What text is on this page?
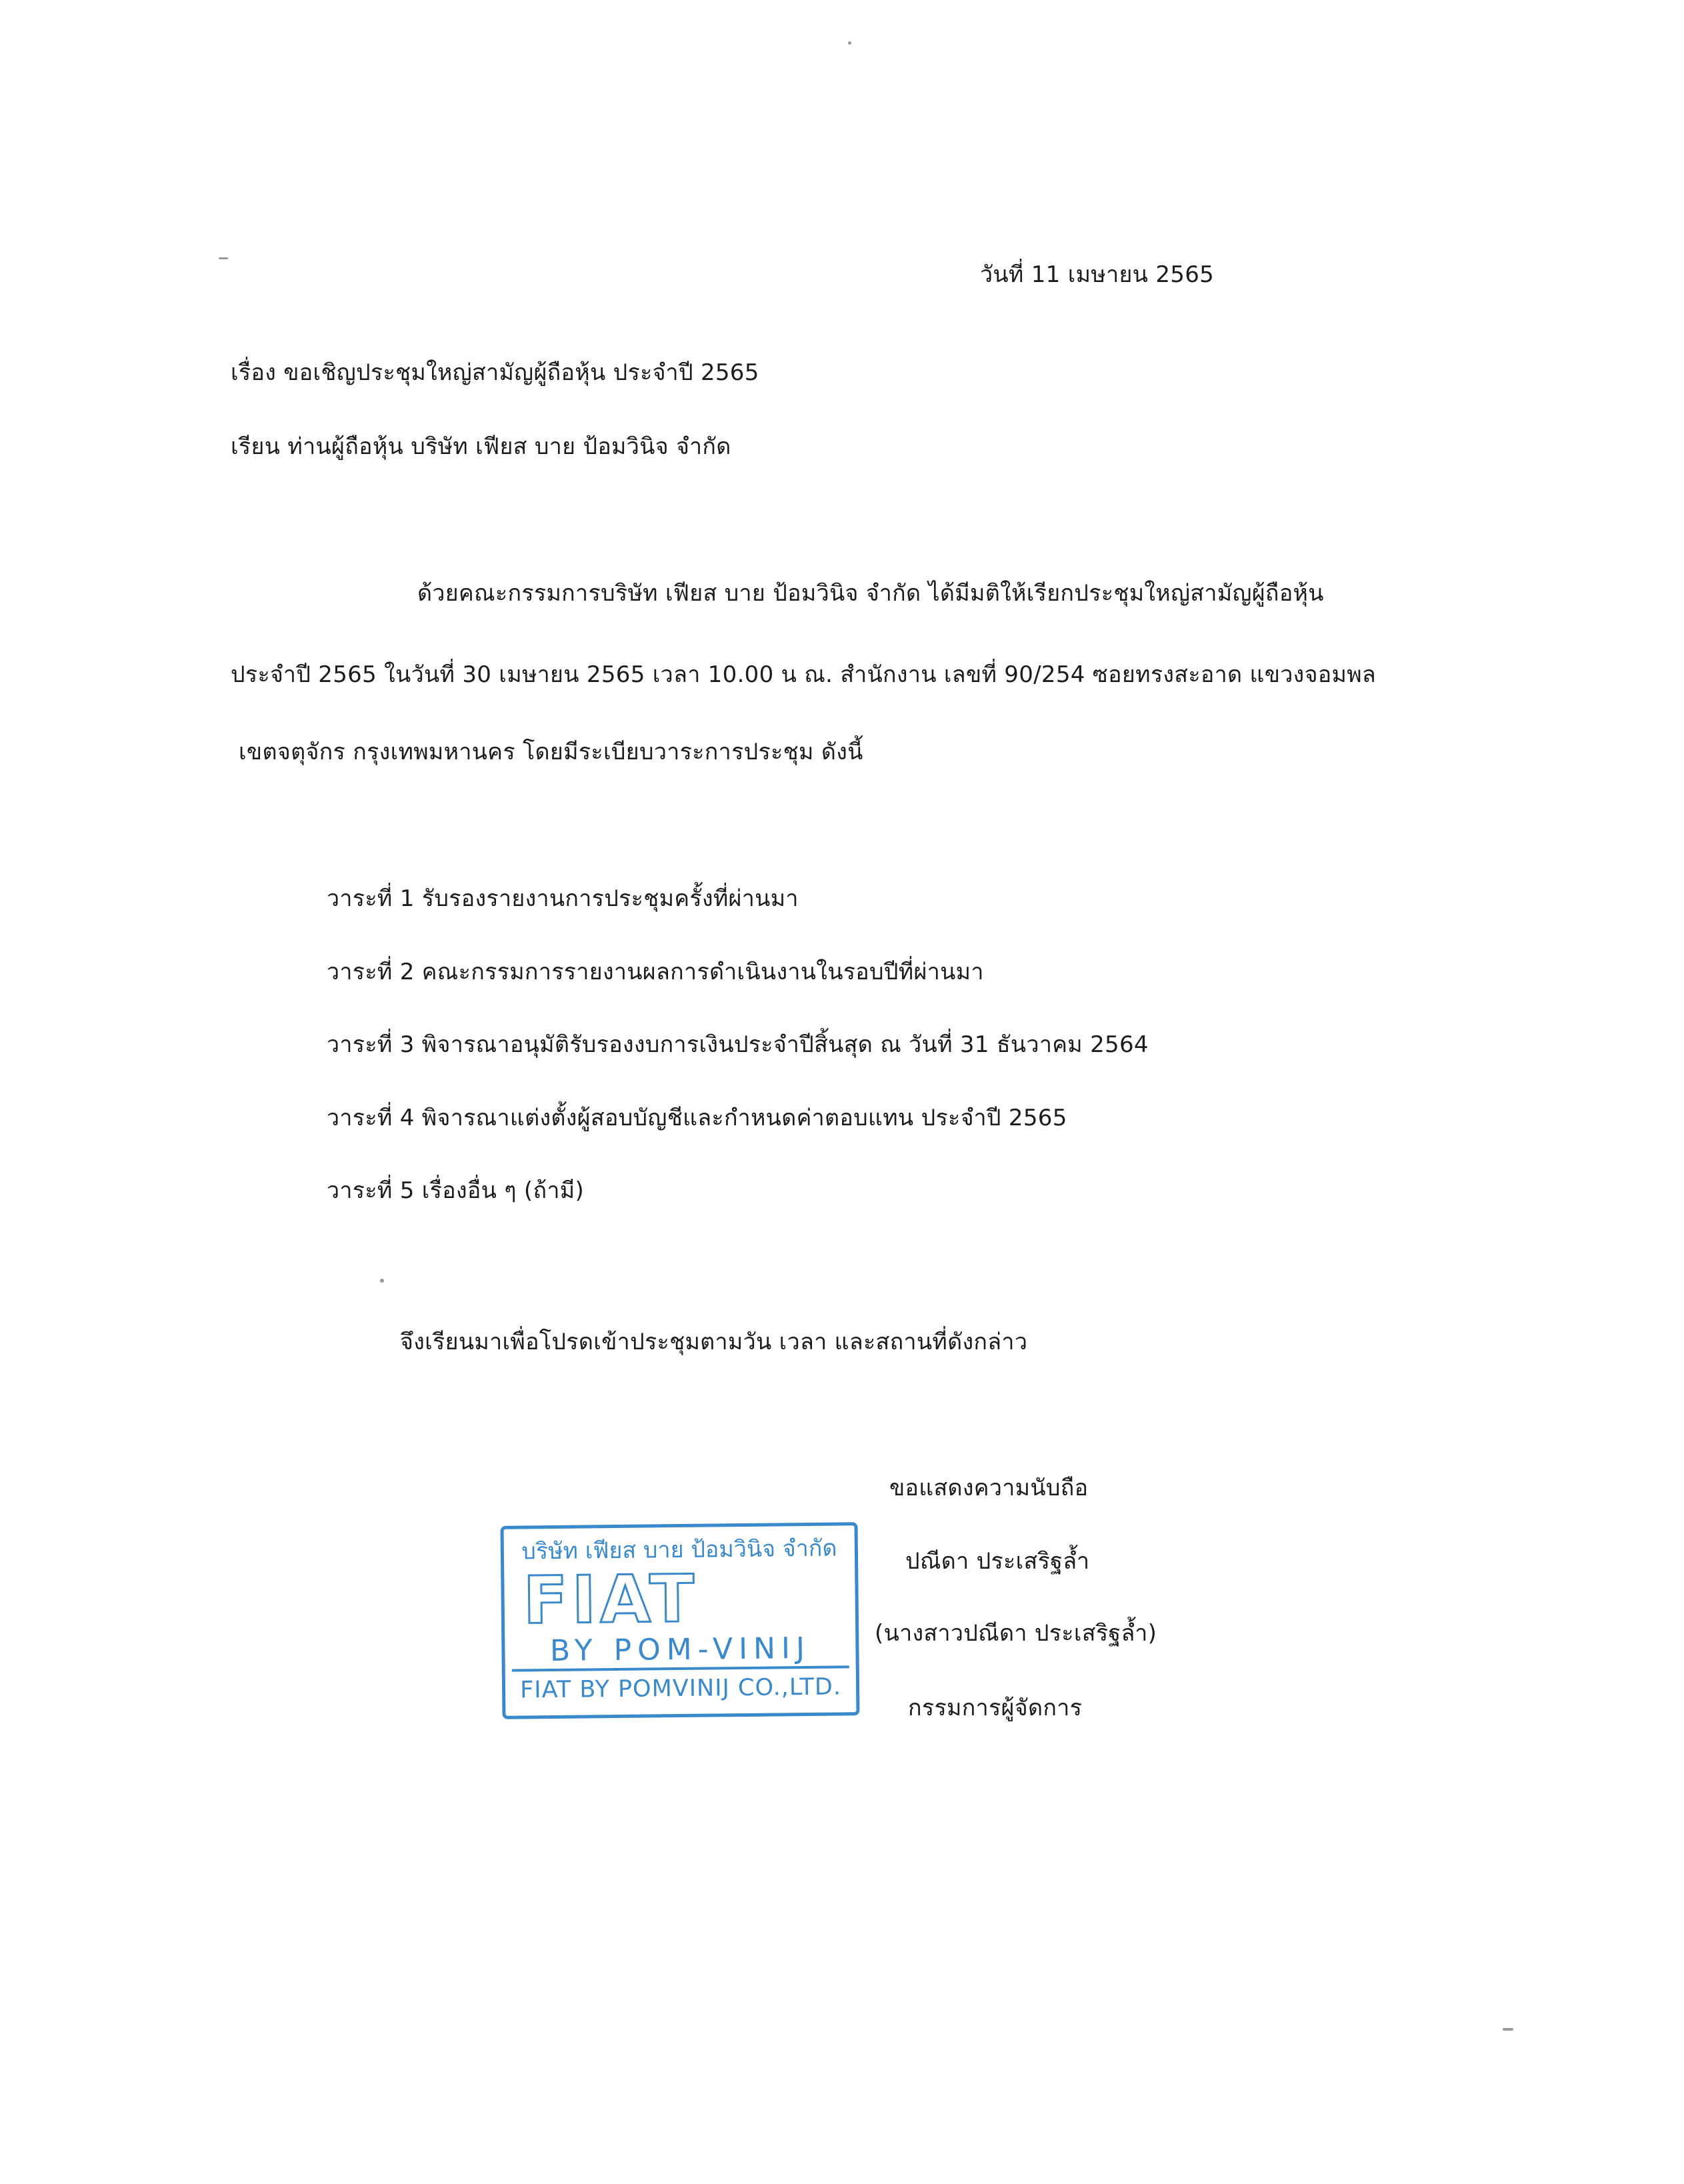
วันที่ 11 เมษายน 2565
เรื่อง ขอเชิญประชุมใหญ่สามัญผู้ถือหุ้น ประจำปี 2565
เรียน ท่านผู้ถือหุ้น บริษัท เฟียส บาย ป้อมวินิจ จำกัด
ด้วยคณะกรรมการบริษัท เฟียส บาย ป้อมวินิจ จำกัด ได้มีมติให้เรียกประชุมใหญ่สามัญผู้ถือหุ้น
ประจำปี 2565 ในวันที่ 30 เมษายน 2565 เวลา 10.00 น ณ. สำนักงาน เลขที่ 90/254 ซอยทรงสะอาด แขวงจอมพล
เขตจตุจักร กรุงเทพมหานคร โดยมีระเบียบวาระการประชุม ดังนี้
วาระที่ 1 รับรองรายงานการประชุมครั้งที่ผ่านมา
วาระที่ 2 คณะกรรมการรายงานผลการดำเนินงานในรอบปีที่ผ่านมา
วาระที่ 3 พิจารณาอนุมัติรับรองงบการเงินประจำปีสิ้นสุด ณ วันที่ 31 ธันวาคม 2564
วาระที่ 4 พิจารณาแต่งตั้งผู้สอบบัญชีและกำหนดค่าตอบแทน ประจำปี 2565
วาระที่ 5 เรื่องอื่น ๆ (ถ้ามี)
จึงเรียนมาเพื่อโปรดเข้าประชุมตามวัน เวลา และสถานที่ดังกล่าว
ขอแสดงความนับถือ
ปณีดา ประเสริฐล้ำ
(นางสาวปณีดา ประเสริฐล้ำ)
กรรมการผู้จัดการ
บริษัท เฟียส บาย ป้อมวินิจ จำกัด
FIAT
BY POM-VINIJ
FIAT BY POMVINIJ CO.,LTD.
